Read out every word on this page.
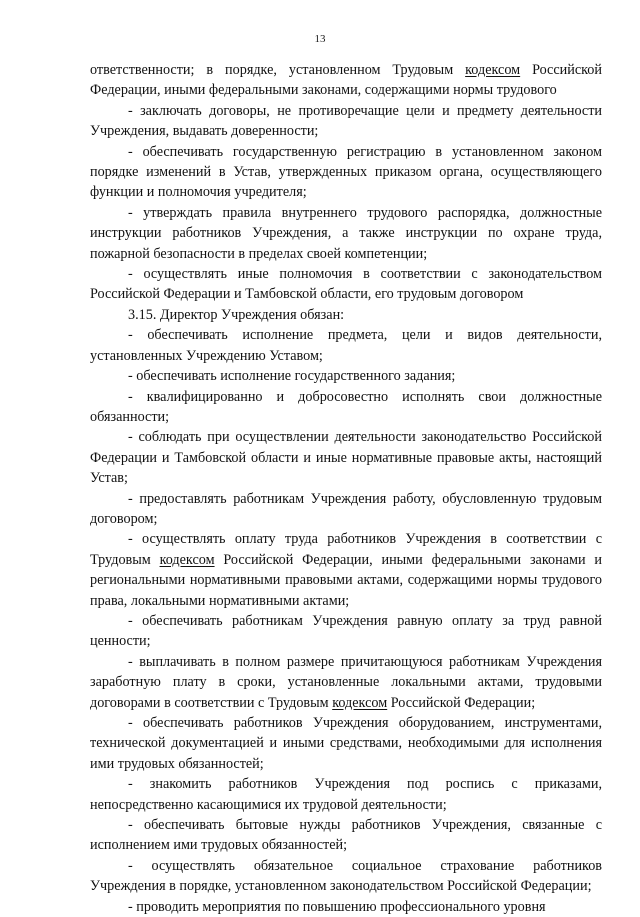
13

ответственности; в порядке, установленном Трудовым кодексом Российской Федерации, иными федеральными законами, содержащими нормы трудового

- заключать договоры, не противоречащие цели и предмету деятельности Учреждения, выдавать доверенности;

- обеспечивать государственную регистрацию в установленном законом порядке изменений в Устав, утвержденных приказом органа, осуществляющего функции и полномочия учредителя;

- утверждать правила внутреннего трудового распорядка, должностные инструкции работников Учреждения, а также инструкции по охране труда, пожарной безопасности в пределах своей компетенции;

- осуществлять иные полномочия в соответствии с законодательством Российской Федерации и Тамбовской области, его трудовым договором

3.15. Директор Учреждения обязан:

- обеспечивать исполнение предмета, цели и видов деятельности, установленных Учреждению Уставом;

- обеспечивать исполнение государственного задания;

- квалифицированно и добросовестно исполнять свои должностные обязанности;

- соблюдать при осуществлении деятельности законодательство Российской Федерации и Тамбовской области и иные нормативные правовые акты, настоящий Устав;

- предоставлять работникам Учреждения работу, обусловленную трудовым договором;

- осуществлять оплату труда работников Учреждения в соответствии с Трудовым кодексом Российской Федерации, иными федеральными законами и региональными нормативными правовыми актами, содержащими нормы трудового права, локальными нормативными актами;

- обеспечивать работникам Учреждения равную оплату за труд равной ценности;

- выплачивать в полном размере причитающуюся работникам Учреждения заработную плату в сроки, установленные локальными актами, трудовыми договорами в соответствии с Трудовым кодексом Российской Федерации;

- обеспечивать работников Учреждения оборудованием, инструментами, технической документацией и иными средствами, необходимыми для исполнения ими трудовых обязанностей;

- знакомить работников Учреждения под роспись с приказами, непосредственно касающимися их трудовой деятельности;

- обеспечивать бытовые нужды работников Учреждения, связанные с исполнением ими трудовых обязанностей;

- осуществлять обязательное социальное страхование работников Учреждения в порядке, установленном законодательством Российской Федерации;

- проводить мероприятия по повышению профессионального уровня
